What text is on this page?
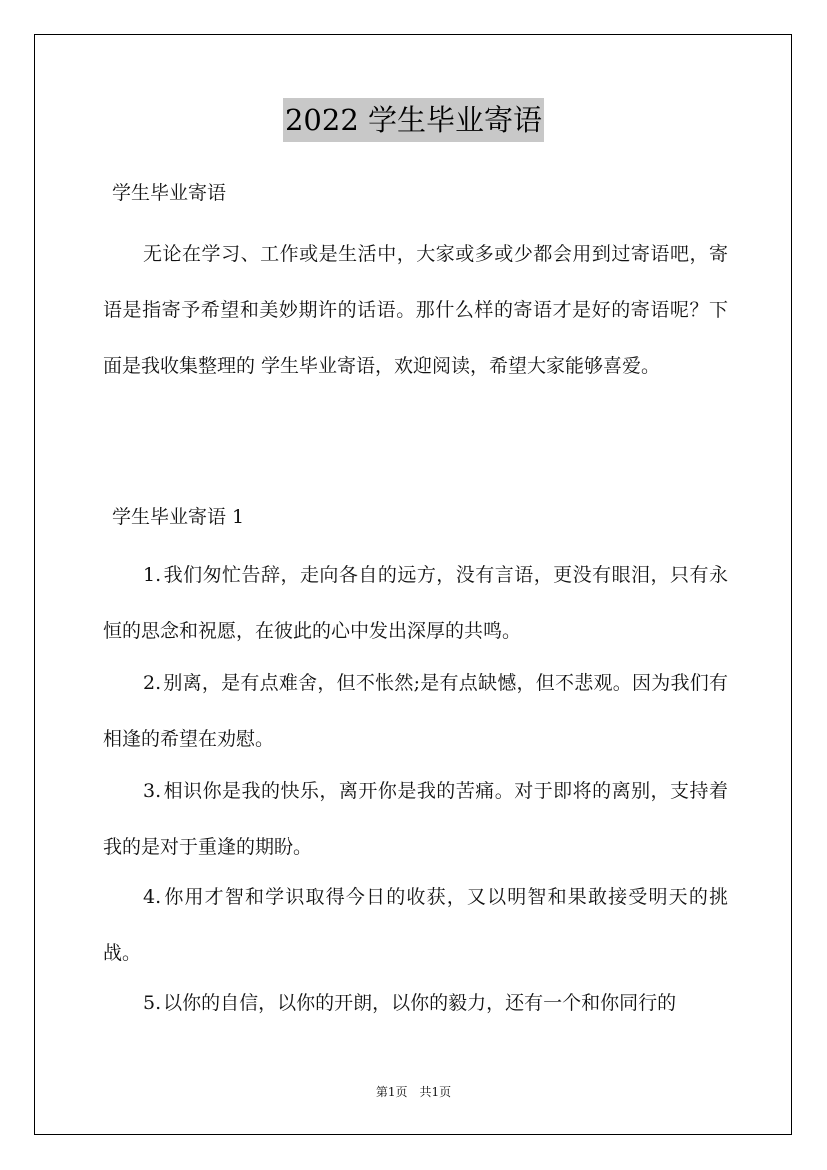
2022 学生毕业寄语
学生毕业寄语
无论在学习、工作或是生活中，大家或多或少都会用到过寄语吧，寄语是指寄予希望和美妙期许的话语。那什么样的寄语才是好的寄语呢？下面是我收集整理的 学生毕业寄语，欢迎阅读，希望大家能够喜爱。
学生毕业寄语 1
1. 我们匆忙告辞，走向各自的远方，没有言语，更没有眼泪，只有永恒的思念和祝愿，在彼此的心中发出深厚的共鸣。
2. 别离，是有点难舍，但不怅然;是有点缺憾，但不悲观。因为我们有相逢的希望在劝慰。
3. 相识你是我的快乐，离开你是我的苦痛。对于即将的离别，支持着我的是对于重逢的期盼。
4. 你用才智和学识取得今日的收获，又以明智和果敢接受明天的挑战。
5. 以你的自信，以你的开朗，以你的毅力，还有一个和你同行的
第1页 共1页
